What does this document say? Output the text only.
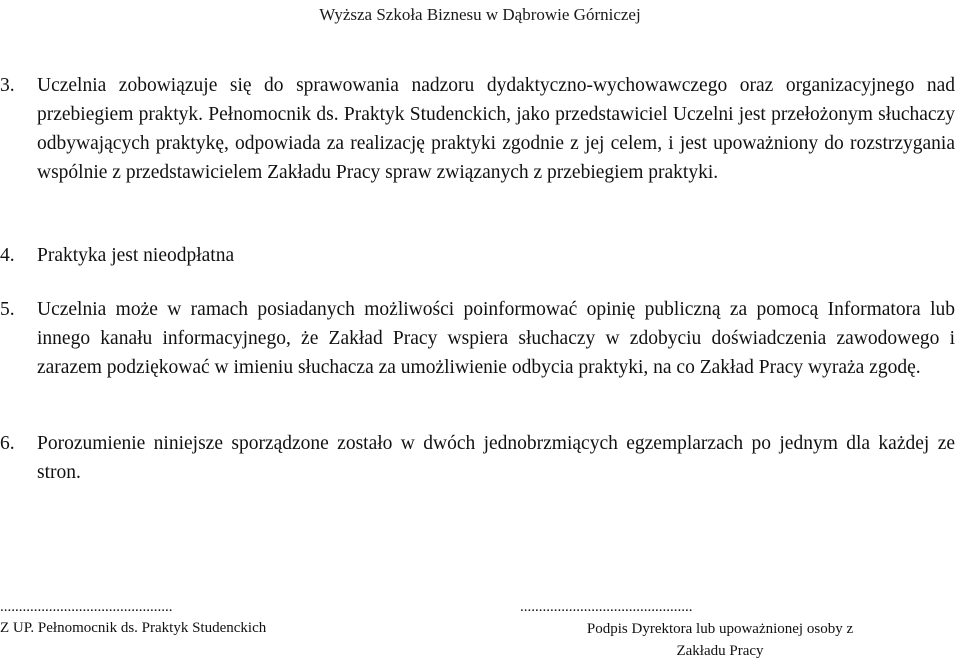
Wyższa Szkoła Biznesu w Dąbrowie Górniczej
3. Uczelnia zobowiązuje się do sprawowania nadzoru dydaktyczno-wychowawczego oraz organizacyjnego nad przebiegiem praktyk. Pełnomocnik ds. Praktyk Studenckich, jako przedstawiciel Uczelni jest przełożonym słuchaczy odbywających praktykę, odpowiada za realizację praktyki zgodnie z jej celem, i jest upoważniony do rozstrzygania wspólnie z przedstawicielem Zakładu Pracy spraw związanych z przebiegiem praktyki.
4. Praktyka jest nieodpłatna
5. Uczelnia może w ramach posiadanych możliwości poinformować opinię publiczną za pomocą Informatora lub innego kanału informacyjnego, że Zakład Pracy wspiera słuchaczy w zdobyciu doświadczenia zawodowego i zarazem podziękować w imieniu słuchacza za umożliwienie odbycia praktyki, na co Zakład Pracy wyraża zgodę.
6. Porozumienie niniejsze sporządzone zostało w dwóch jednobrzmiących egzemplarzach po jednym dla każdej ze stron.
..............................................
Z UP. Pełnomocnik ds. Praktyk Studenckich
..............................................
Podpis Dyrektora lub upoważnionej osoby z
Zakładu Pracy
